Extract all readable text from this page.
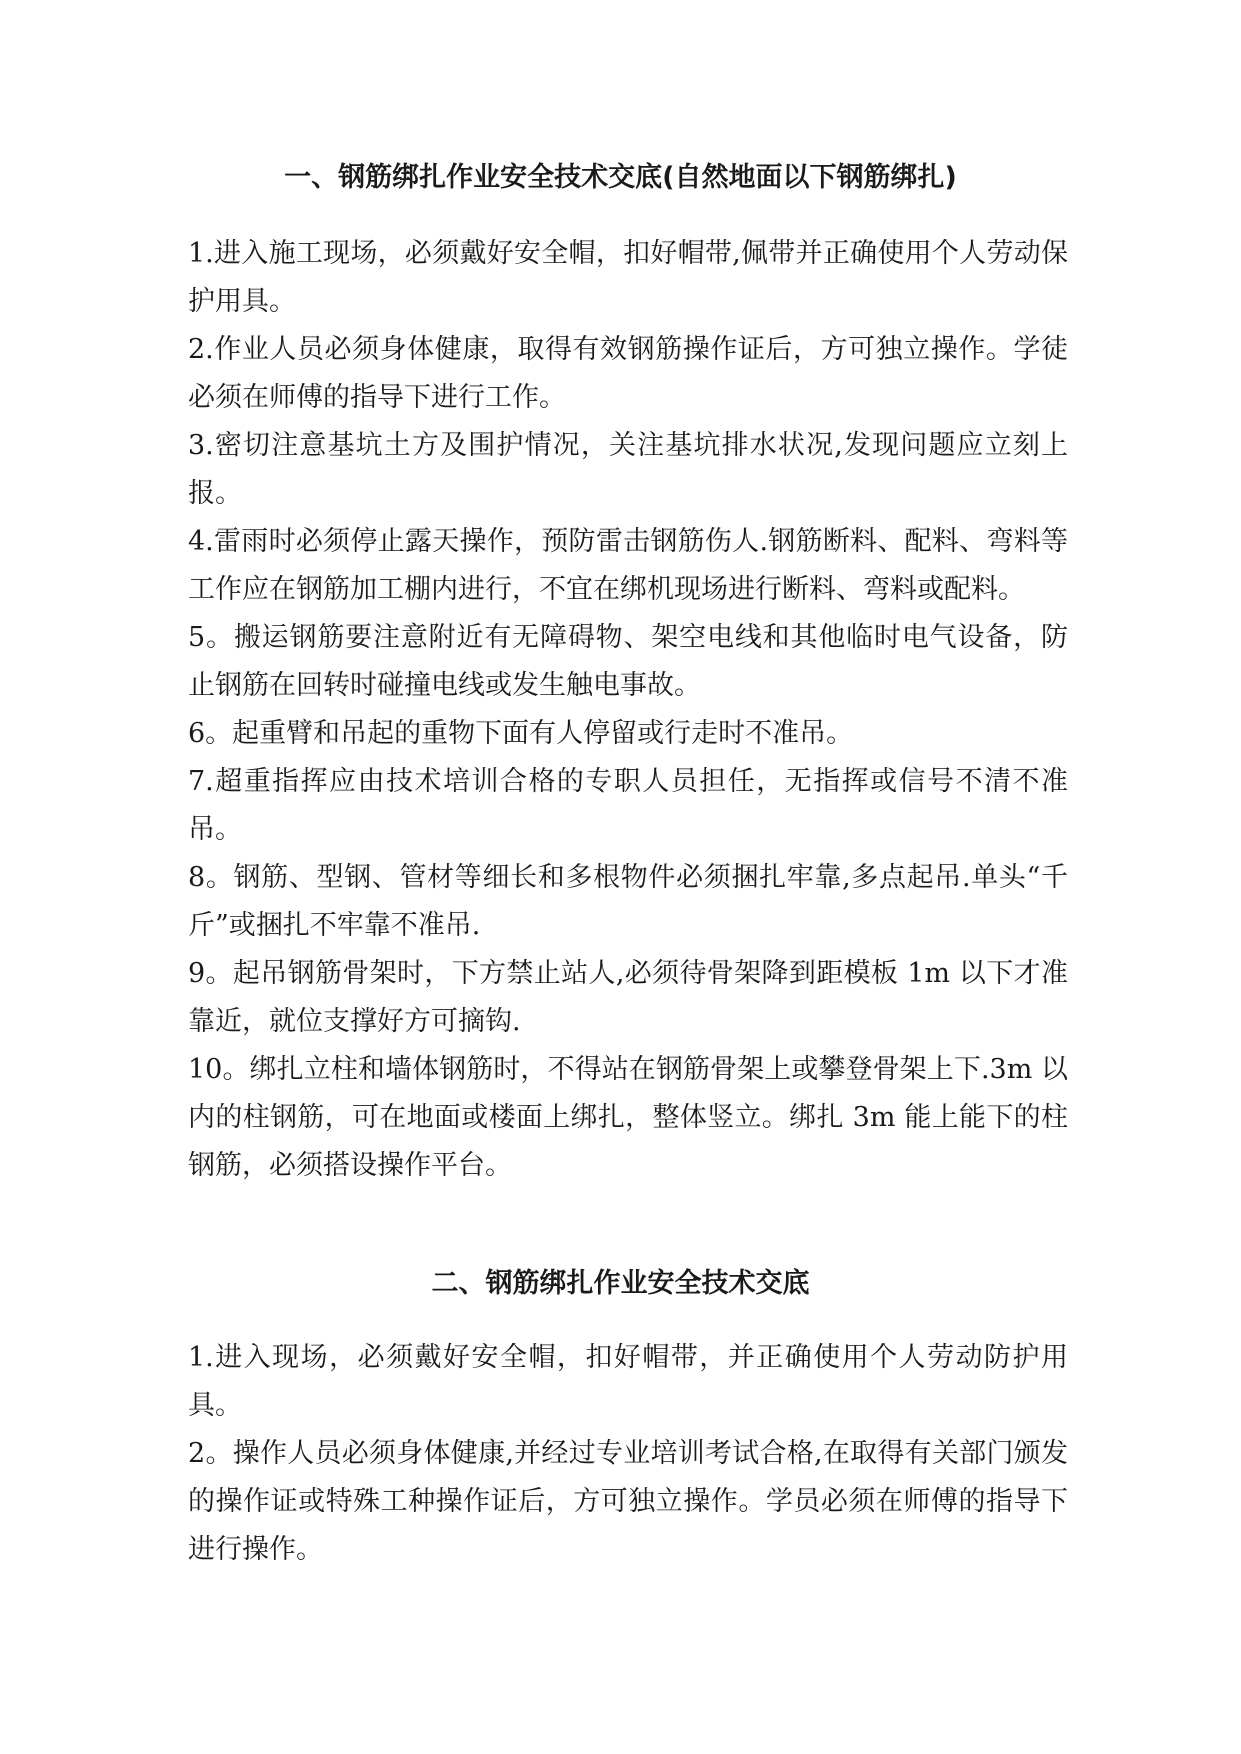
一、钢筋绑扎作业安全技术交底(自然地面以下钢筋绑扎)
1.进入施工现场，必须戴好安全帽，扣好帽带,佩带并正确使用个人劳动保护用具。
2.作业人员必须身体健康，取得有效钢筋操作证后，方可独立操作。学徒必须在师傅的指导下进行工作。
3.密切注意基坑土方及围护情况，关注基坑排水状况,发现问题应立刻上报。
4.雷雨时必须停止露天操作，预防雷击钢筋伤人.钢筋断料、配料、弯料等工作应在钢筋加工棚内进行，不宜在绑机现场进行断料、弯料或配料。
5。搬运钢筋要注意附近有无障碍物、架空电线和其他临时电气设备，防止钢筋在回转时碰撞电线或发生触电事故。
6。起重臂和吊起的重物下面有人停留或行走时不准吊。
7.超重指挥应由技术培训合格的专职人员担任，无指挥或信号不清不准吊。
8。钢筋、型钢、管材等细长和多根物件必须捆扎牢靠,多点起吊.单头“千斤”或捆扎不牢靠不准吊.
9。起吊钢筋骨架时，下方禁止站人,必须待骨架降到距模板 1m 以下才准靠近，就位支撑好方可摘钩.
10。绑扎立柱和墙体钢筋时，不得站在钢筋骨架上或攀登骨架上下.3m 以内的柱钢筋，可在地面或楼面上绑扎，整体竖立。绑扎 3m 能上能下的柱钢筋，必须搭设操作平台。
二、钢筋绑扎作业安全技术交底
1.进入现场，必须戴好安全帽，扣好帽带，并正确使用个人劳动防护用具。
2。操作人员必须身体健康,并经过专业培训考试合格,在取得有关部门颁发的操作证或特殊工种操作证后，方可独立操作。学员必须在师傅的指导下进行操作。
